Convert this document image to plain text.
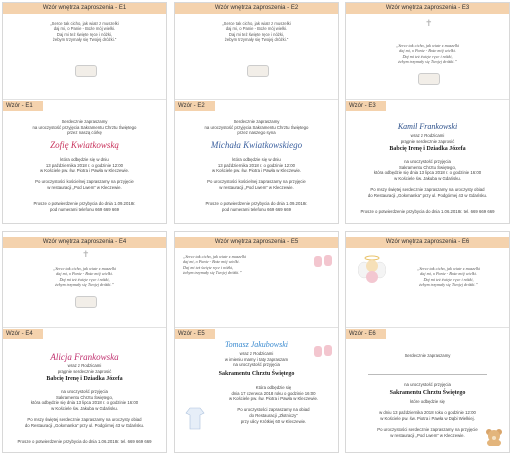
Wzór wnętrza zaproszenia - E1
„Serce tak cicho, jak wiatr z muszelki
daj mi, o Panie - Boże mój wielki.
Daj mi też święte ręce i nóżki,
żebym trzymały się Twojej dróżki.”
Wzór - E1
Serdecznie zapraszamy
na uroczystość przyjęcia Sakramentu Chrztu Świętego
przez naszą córkę
Zofię Kwiatkowską
która odbędzie się w dniu
13 października 2018 r. o godzinie 12:00
w Kościele pw. św. Piotra i Pawła w Kleczewie.

Po uroczystości kościelnej zapraszamy na przyjęcie
w restauracji „Pod Lwem” w Kleczewie.
Prosze o potwierdzenie przybycia do dnia 1.09.2018r.
pod numerami telefonu 669 669 669
Wzór wnętrza zaproszenia - E2
„Serce tak cicho, jak wiatr z muszelki
daj mi, o Panie - Boże mój wielki.
Daj mi też święte ręce i nóżki,
żebym trzymały się Twojej dróżki.”
Wzór - E2
Serdecznie zapraszamy
na uroczystość przyjęcia Sakramentu Chrztu Świętego
przez naszego syna
Michała Kwiatkowskiego
która odbędzie się w dniu
13 października 2018 r. o godzinie 12:00
w Kościele pw. św. Piotra i Pawła w Kleczewie.

Po uroczystości kościelnej zapraszamy na przyjęcie
w restauracji „Pod Lwem” w Kleczewie.
Prosze o potwierdzenie przybycia do dnia 1.09.2018r.
pod numerami telefonu 669 669 669
Wzór wnętrza zaproszenia - E3
✝
„Serce tak cicho, jak wiatr z muszelki
daj mi, o Panie - Boże mój wielki.
Daj mi też święte ręce i nóżki,
żebym trzymały się Twojej dróżki.”
Wzór - E3
Kamil Frankowski
wraz z Rodzicami
prągnie serdecznie zaprosić
Babcię Irenę i Dziadka Józefa
na uroczystość przyjęcia
Sakramentu Chrztu Świętego,
która odbędzie się dnia 13 lipca 2018 r. o godzinie 16:00
w Kościele św. Jakuba w Gdańsku.

Po mszy świętej serdecznie zapraszamy na uroczysty obiad
do Restauracji „Gołomanka” przy ul. Podgórnej 43 w Gdańsku.
Prosze o potwierdzenie przybycia do dnia 1.06.2018r. tel. 669 669 669
Wzór wnętrza zaproszenia - E4
✝
„Serce tak cicho, jak wiatr z muszelki
daj mi, o Panie - Boże mój wielki.
Daj mi też święte ręce i nóżki,
żebym trzymały się Twojej dróżki.”
Wzór - E4
Alicja Frankowska
wraz z Rodzicami
prągnie serdecznie zaprosić
Babcię Irenę i Dziadka Józefa
na uroczystość przyjęcia
Sakramentu Chrztu Świętego,
która odbędzie się dnia 13 lipca 2018 r. o godzinie 16:00
w Kościele św. Jakuba w Gdańsku.

Po mszy świętej serdecznie zapraszamy na uroczysty obiad
do Restauracji „Gołomanka” przy ul. Podgórnej 43 w Gdańsku.
Prosze o potwierdzenie przybycia do dnia 1.06.2018r. tel. 669 669 669
Wzór wnętrza zaproszenia - E5
„Serce tak cicho, jak wiatr z muszelki
daj mi, o Panie - Boże mój wielki.
Daj mi też święte ręce i nóżki,
żebym trzymały się Twojej dróżki.”
Wzór - E5
Tomasz Jakubowski
wraz z Rodzicami
w imieniu mamy i taty zapraszam
na uroczystość przyjęcia
Sakramentu Chrztu Świętego
Która odbędzie się
dnia 17 czerwca 2018 roku o godzinie 16:00
w Kościele pw. św. Piotra i Pawła w Kleczewie.

Po uroczystości zapraszamy na obiad
do Restauracji „Złotniczy”
przy ulicy Krótkiej 60 w Kleczewie.
Wzór wnętrza zaproszenia - E6
„Serce tak cicho, jak wiatr z muszelki
daj mi, o Panie - Boże mój wielki.
Daj mi też święte ręce i nóżki,
żebym trzymały się Twojej dróżki.”
Wzór - E6
Serdecznie zapraszamy
na uroczystość przyjęcia
Sakramentu Chrztu Świętego
które odbędzie się

w dniu 13 października 2018 roku o godzinie 12:00
w Kościele pw. św. Piotra i Pawła w Dąbi Wielkiej.

Po uroczystości serdecznie zapraszamy na przyjęcie
w restauracji „Pod Lwem” w Kleczewie.
